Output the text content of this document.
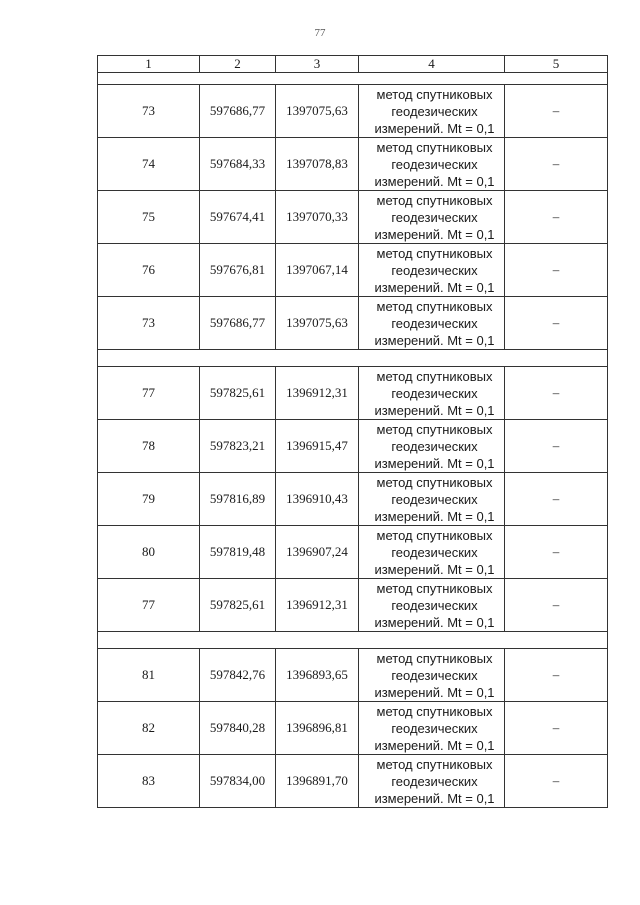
77
1	2	3	4	5

73	597686,77	1397075,63	метод спутниковых
геодезических
измерений. Mt = 0,1	–
74	597684,33	1397078,83	метод спутниковых
геодезических
измерений. Mt = 0,1	–
75	597674,41	1397070,33	метод спутниковых
геодезических
измерений. Mt = 0,1	–
76	597676,81	1397067,14	метод спутниковых
геодезических
измерений. Mt = 0,1	–
73	597686,77	1397075,63	метод спутниковых
геодезических
измерений. Mt = 0,1	–

77	597825,61	1396912,31	метод спутниковых
геодезических
измерений. Mt = 0,1	–
78	597823,21	1396915,47	метод спутниковых
геодезических
измерений. Mt = 0,1	–
79	597816,89	1396910,43	метод спутниковых
геодезических
измерений. Mt = 0,1	–
80	597819,48	1396907,24	метод спутниковых
геодезических
измерений. Mt = 0,1	–
77	597825,61	1396912,31	метод спутниковых
геодезических
измерений. Mt = 0,1	–

81	597842,76	1396893,65	метод спутниковых
геодезических
измерений. Mt = 0,1	–
82	597840,28	1396896,81	метод спутниковых
геодезических
измерений. Mt = 0,1	–
83	597834,00	1396891,70	метод спутниковых
геодезических
измерений. Mt = 0,1	–
